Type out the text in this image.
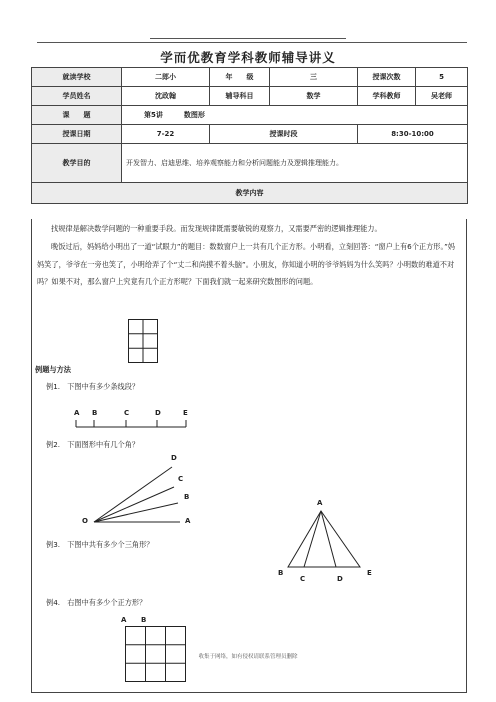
学而优教育学科教师辅导讲义
就读学校	二郎小	年　　级	三	授课次数	5
学员姓名	沈政翰	辅导科目	数学	学科教师	吴老师
课　　题	第5讲　　　数图形				
授课日期	7-22	授课时段		8:30-10:00	
教学目的	开发智力、启迪思维、培养观察能力和分析问题能力及逻辑推理能力。				
教学内容					
找规律是解决数学问题的一种重要手段。而发现规律既需要敏锐的观察力，又需要严密的逻辑推理能力。
晚饭过后，妈妈给小明出了一道“试眼力”的题目：数数窗户上一共有几个正方形。小明看，立刻回答：“窗户上有6个正方形。”妈妈笑了，爷爷在一旁也笑了，小明给弄了个“丈二和尚摸不着头脑”。小朋友，你知道小明的爷爷妈妈为什么笑吗？小明数的难道不对吗？如果不对，那么窗户上究竟有几个正方形呢？下面我们就一起来研究数图形的问题。
例题与方法
例1.　下图中有多少条线段？
A B	C	D	E
例2.　下面图形中有几个角？
D
C
B
O	A
例3.　下图中共有多少个三角形？
A
B
C	D
E
例4.　右图中有多少个正方形？
A B
收集于网络，如有侵权请联系管理员删除
